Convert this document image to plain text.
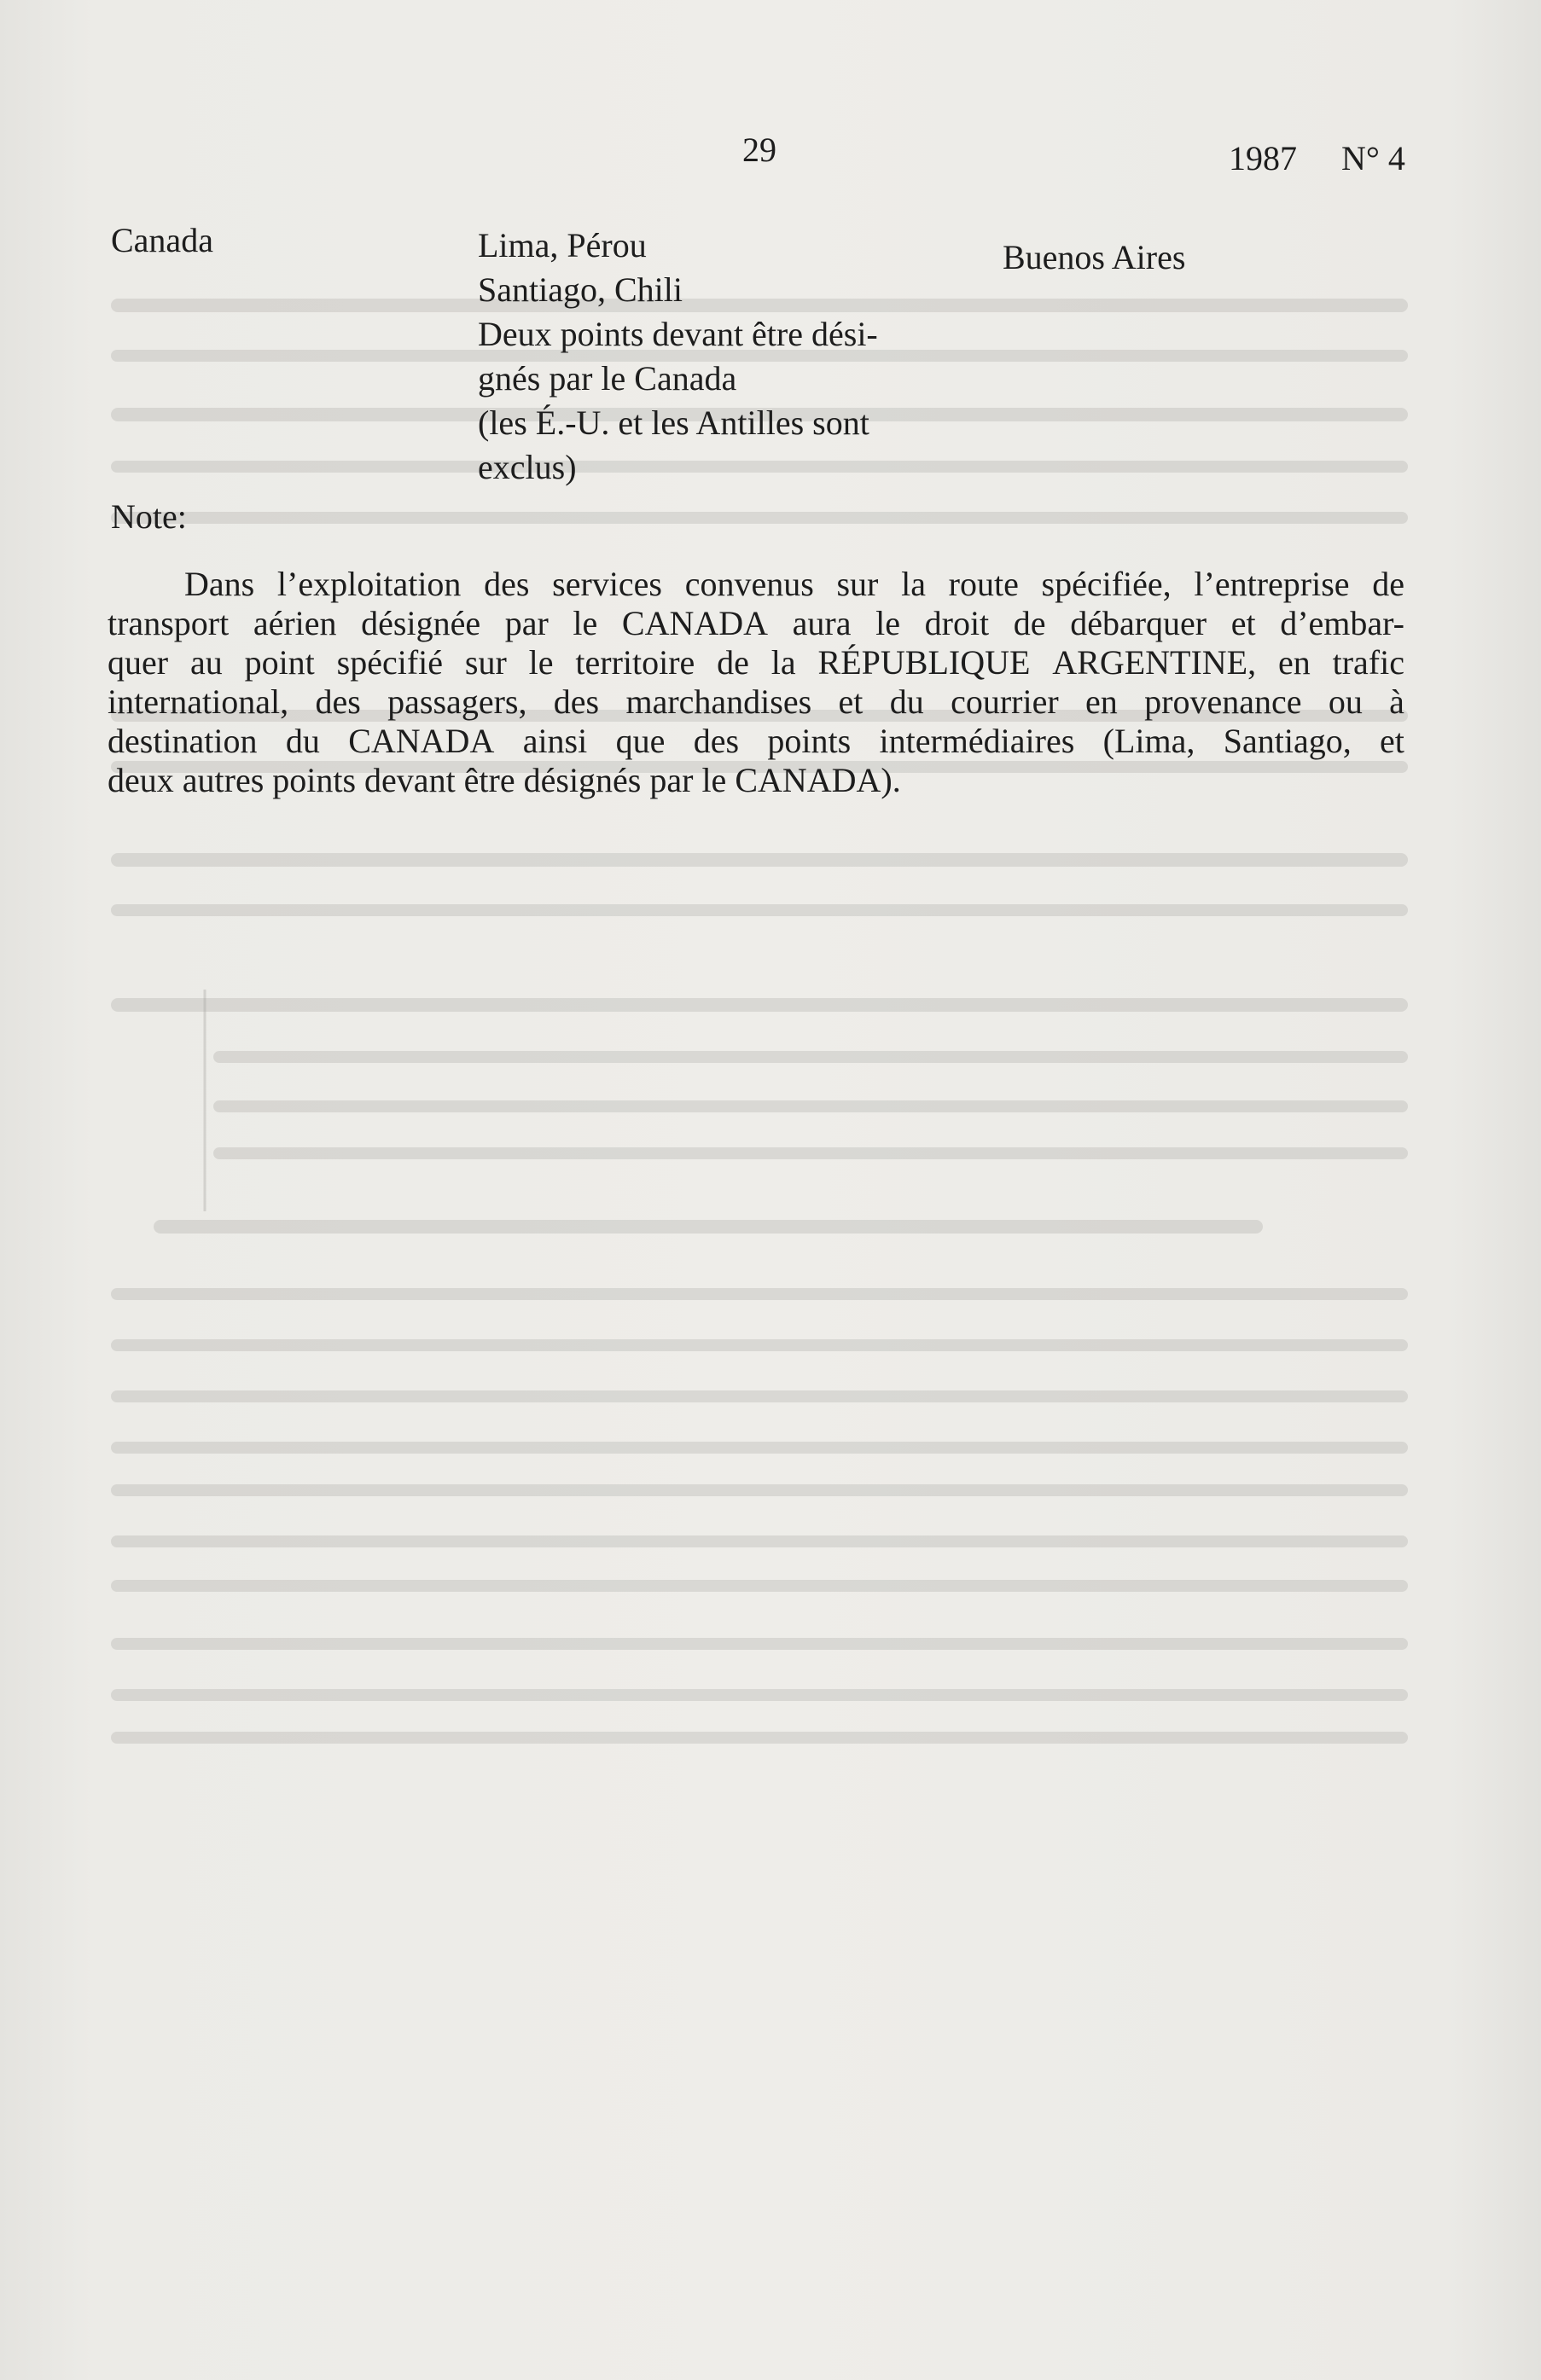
29	1987 N° 4
Canada	Lima, Pérou
Santiago, Chili
Deux points devant être dési-
gnés par le Canada
(les É.-U. et les Antilles sont
exclus)
Buenos Aires
Note:
Dans l’exploitation des services convenus sur la route spécifiée, l’entreprise de
transport aérien désignée par le CANADA aura le droit de débarquer et d’embar-
quer au point spécifié sur le territoire de la RÉPUBLIQUE ARGENTINE, en trafic
international, des passagers, des marchandises et du courrier en provenance ou à
destination du CANADA ainsi que des points intermédiaires (Lima, Santiago, et
deux autres points devant être désignés par le CANADA).
